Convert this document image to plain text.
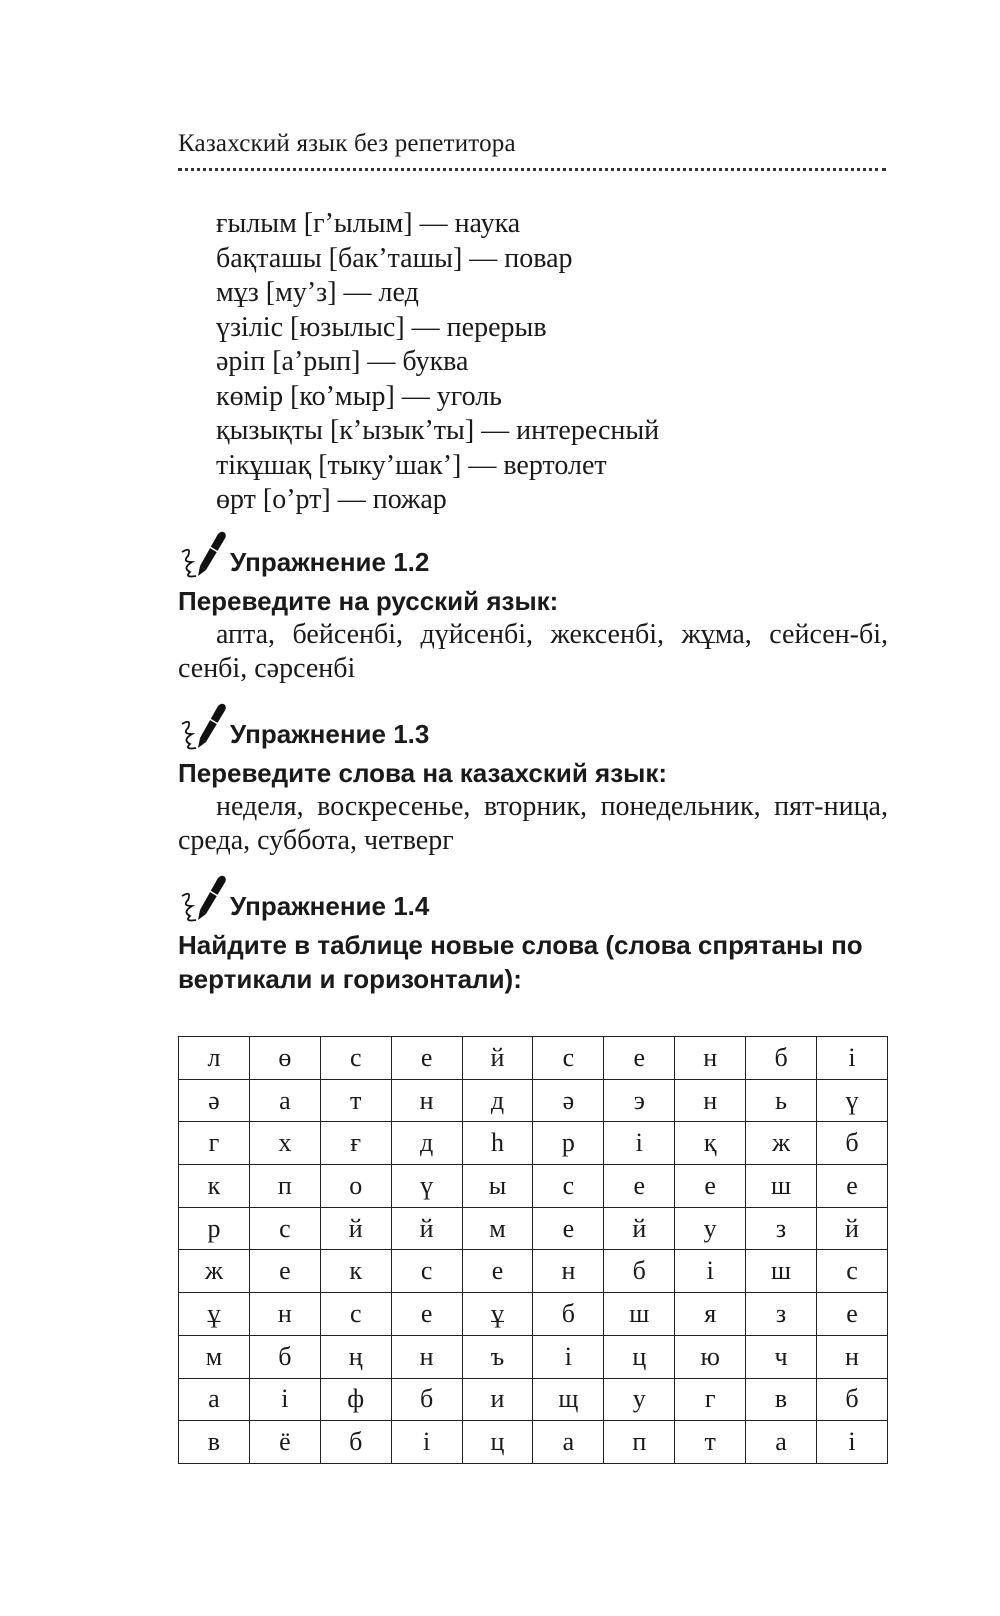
Казахский язык без репетитора
ғылым [г’ылым] — наука
бақташы [бак’ташы] — повар
мұз [му’з] — лед
үзіліс [юзылыс] — перерыв
әріп [а’рып] — буква
көмір [ко’мыр] — уголь
қызықты [к’ызык’ты] — интересный
тікұшақ [тыку’шак’] — вертолет
өрт [о’рт] — пожар
Упражнение 1.2
Переведите на русский язык:
апта, бейсенбі, дүйсенбі, жексенбі, жұма, сейсен-бі, сенбі, сәрсенбі
Упражнение 1.3
Переведите слова на казахский язык:
неделя, воскресенье, вторник, понедельник, пят-ница, среда, суббота, четверг
Упражнение 1.4
Найдите в таблице новые слова (слова спрятаны по вертикали и горизонтали):
л	ө	с	е	й	с	е	н	б	і
ә	а	т	н	д	ә	э	н	ь	ү
г	х	ғ	д	һ	р	і	қ	ж	б
к	п	о	ү	ы	с	е	е	ш	е
р	с	й	й	м	е	й	у	з	й
ж	е	к	с	е	н	б	і	ш	с
ұ	н	с	е	ұ	б	ш	я	з	е
м	б	ң	н	ъ	і	ц	ю	ч	н
а	і	ф	б	и	щ	у	г	в	б
в	ё	б	і	ц	а	п	т	а	і
